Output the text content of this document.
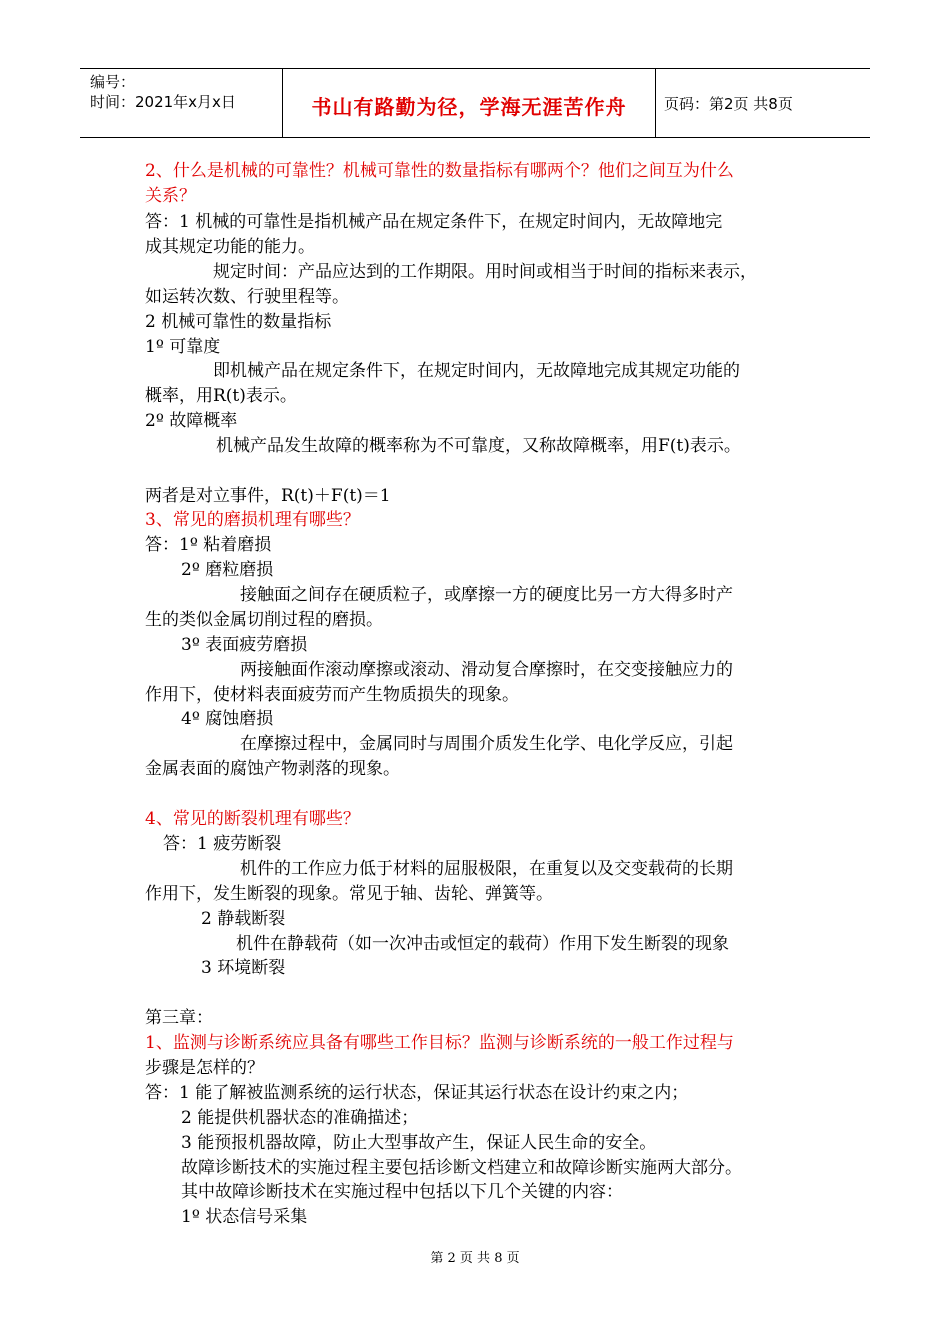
编号：
时间：2021年x月x日	书山有路勤为径，学海无涯苦作舟	页码：第2页 共8页
2、什么是机械的可靠性？机械可靠性的数量指标有哪两个？他们之间互为什么
关系？
答：1 机械的可靠性是指机械产品在规定条件下，在规定时间内，无故障地完
成其规定功能的能力。
规定时间：产品应达到的工作期限。用时间或相当于时间的指标来表示，
如运转次数、行驶里程等。
2 机械可靠性的数量指标
1º 可靠度
即机械产品在规定条件下，在规定时间内，无故障地完成其规定功能的
概率，用R(t)表示。
2º 故障概率
机械产品发生故障的概率称为不可靠度，又称故障概率，用F(t)表示。
两者是对立事件，R(t)＋F(t)＝1
3、常见的磨损机理有哪些？
答：1º 粘着磨损
2º 磨粒磨损
接触面之间存在硬质粒子，或摩擦一方的硬度比另一方大得多时产
生的类似金属切削过程的磨损。
3º 表面疲劳磨损
两接触面作滚动摩擦或滚动、滑动复合摩擦时，在交变接触应力的
作用下，使材料表面疲劳而产生物质损失的现象。
4º 腐蚀磨损
在摩擦过程中，金属同时与周围介质发生化学、电化学反应，引起
金属表面的腐蚀产物剥落的现象。
4、常见的断裂机理有哪些？
答：1 疲劳断裂
机件的工作应力低于材料的屈服极限，在重复以及交变载荷的长期
作用下，发生断裂的现象。常见于轴、齿轮、弹簧等。
2 静载断裂
机件在静载荷（如一次冲击或恒定的载荷）作用下发生断裂的现象
3 环境断裂
第三章：
1、监测与诊断系统应具备有哪些工作目标？监测与诊断系统的一般工作过程与
步骤是怎样的？
答：1 能了解被监测系统的运行状态，保证其运行状态在设计约束之内；
2 能提供机器状态的准确描述；
3 能预报机器故障，防止大型事故产生，保证人民生命的安全。
故障诊断技术的实施过程主要包括诊断文档建立和故障诊断实施两大部分。
其中故障诊断技术在实施过程中包括以下几个关键的内容：
1º 状态信号采集
第 2 页 共 8 页
